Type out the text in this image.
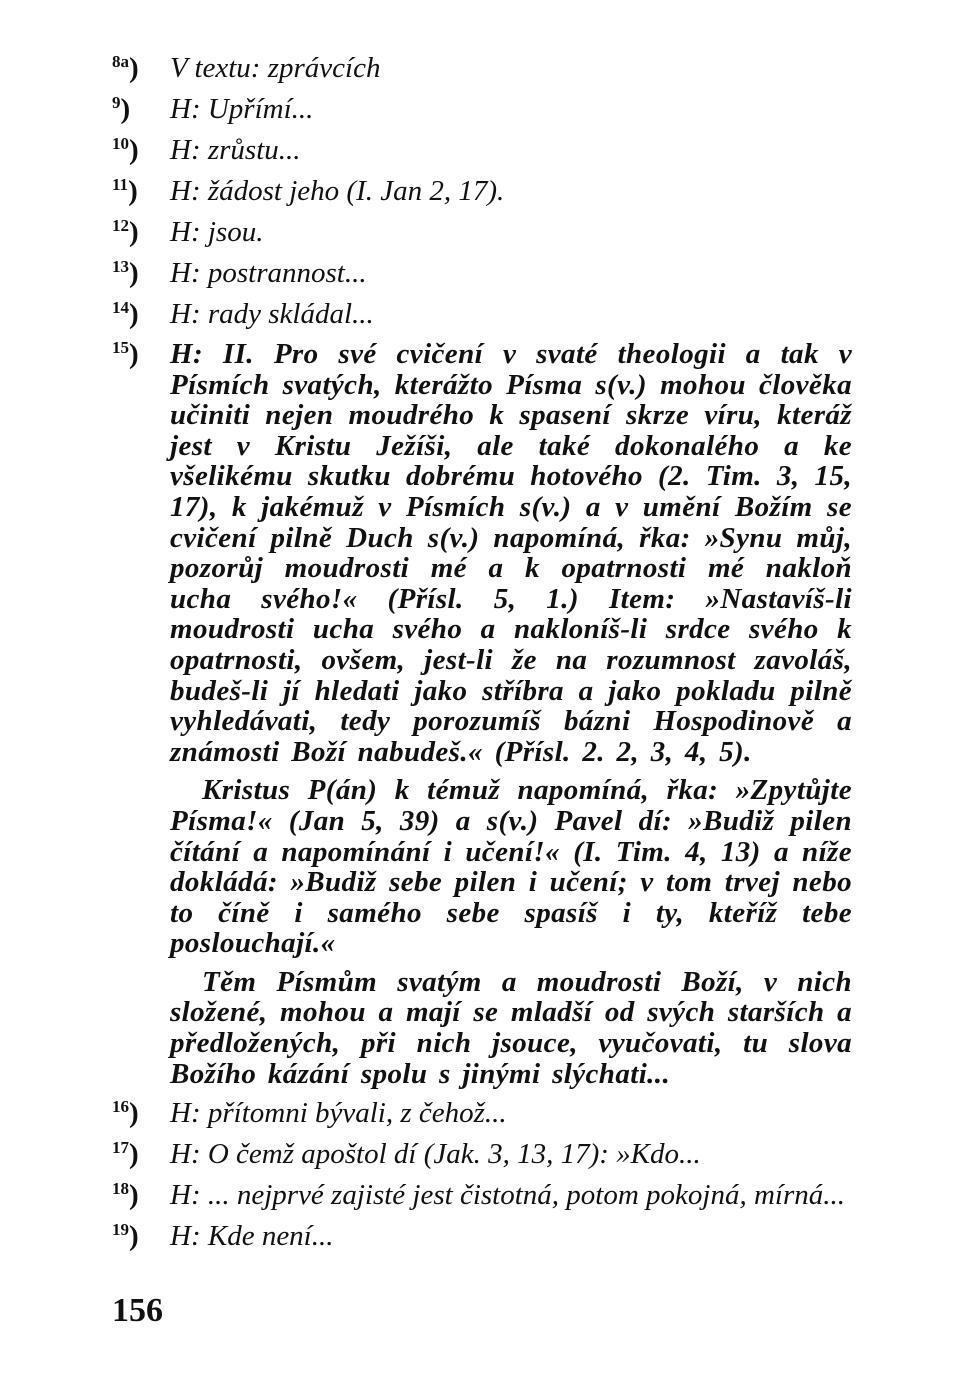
$^{8a}$) V textu: zprávcích
$^9$) H: Upřímí...
$^{10}$) H: zrůstu...
$^{11}$) H: žádost jeho (I. Jan 2, 17).
$^{12}$) H: jsou.
$^{13}$) H: postrannost...
$^{14}$) H: rady skládal...
$^{15}$) H: II. Pro své cvičení v svaté theologii a tak v Písmích svatých, kterážto Písma s(v.) mohou člověka učiniti nejen moudrého k spasení skrze víru, kteráž jest v Kristu Ježíši, ale také dokonalého a ke všelikému skutku dobrému hotového (2. Tim. 3, 15, 17), k jakémuž v Písmích s(v.) a v umění Božím se cvičení pilně Duch s(v.) napomíná, řka: »Synu můj, pozorůj moudrosti mé a k opatrnosti mé nakloň ucha svého!« (Přísl. 5, 1.) Item: »Nastavíš-li moudrosti ucha svého a nakloníš-li srdce svého k opatrnosti, ovšem, jest-li že na rozumnost zavoláš, budeš-li jí hledati jako stříbra a jako pokladu pilně vyhledávati, tedy porozumíš bázni Hospodinově a známosti Boží nabudeš.« (Přísl. 2. 2, 3, 4, 5).
Kristus P(án) k témuž napomíná, řka: »Zpytůjte Písma!« (Jan 5, 39) a s(v.) Pavel dí: »Budiž pilen čítání a napomínání i učení!« (I. Tim. 4, 13) a níže dokládá: »Budiž sebe pilen i učení; v tom trvej nebo to číně i samého sebe spasíš i ty, kteříž tebe poslouchají.«
Těm Písmům svatým a moudrosti Boží, v nich složené, mohou a mají se mladší od svých starších a předložených, při nich jsouce, vyučovati, tu slova Božího kázání spolu s jinými slýchati...
$^{16}$) H: přítomni bývali, z čehož...
$^{17}$) H: O čemž apoštol dí (Jak. 3, 13, 17): »Kdo...
$^{18}$) H: ... nejprvé zajisté jest čistotná, potom pokojná, mírná...
$^{19}$) H: Kde není...
156
